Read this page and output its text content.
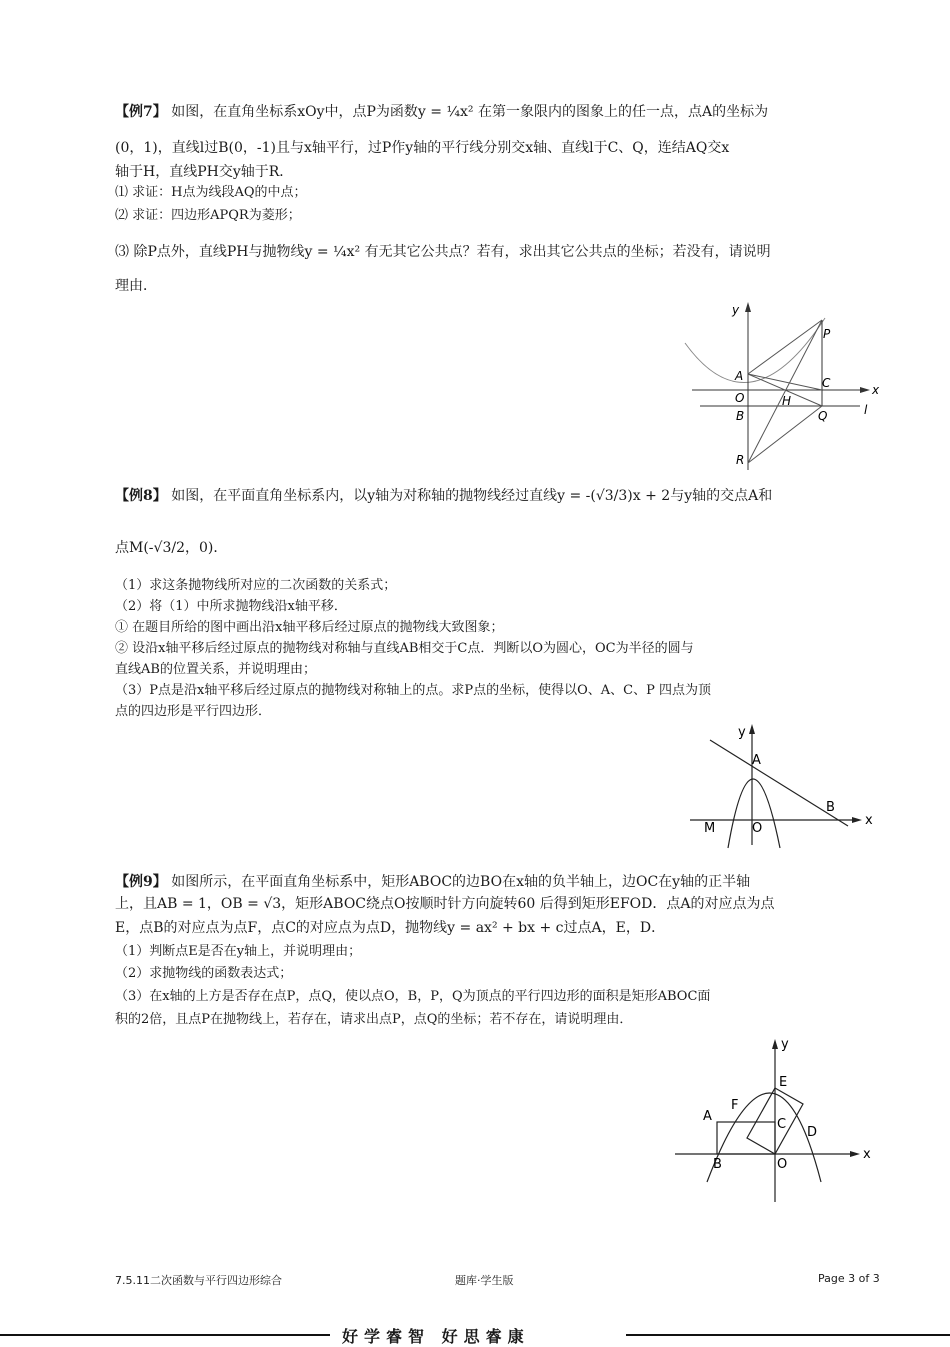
【例7】 如图，在直角坐标系xOy中，点P为函数y = ¼x² 在第一象限内的图象上的任一点，点A的坐标为
(0，1)，直线l过B(0，-1)且与x轴平行，过P作y轴的平行线分别交x轴、直线l于C、Q，连结AQ交x
轴于H，直线PH交y轴于R．
⑴ 求证：H点为线段AQ的中点；
⑵ 求证：四边形APQR为菱形；
⑶ 除P点外，直线PH与抛物线y = ¼x² 有无其它公共点？若有，求出其它公共点的坐标；若没有，请说明
理由．
y
x
P
A	C
O	H
l
B	Q
R
【例8】 如图，在平面直角坐标系内，以y轴为对称轴的抛物线经过直线y = -(√3/3)x + 2与y轴的交点A和
点M(-√3/2，0)．
（1）求这条抛物线所对应的二次函数的关系式；
（2）将（1）中所求抛物线沿x轴平移．
① 在题目所给的图中画出沿x轴平移后经过原点的抛物线大致图象；
② 设沿x轴平移后经过原点的抛物线对称轴与直线AB相交于C点．判断以O为圆心，OC为半径的圆与
直线AB的位置关系，并说明理由；
（3）P点是沿x轴平移后经过原点的抛物线对称轴上的点。求P点的坐标，使得以O、A、C、P 四点为顶
点的四边形是平行四边形．
y
x
A
B
M	O
【例9】 如图所示，在平面直角坐标系中，矩形ABOC的边BO在x轴的负半轴上，边OC在y轴的正半轴
上，且AB = 1，OB = √3，矩形ABOC绕点O按顺时针方向旋转60 后得到矩形EFOD．点A的对应点为点
E，点B的对应点为点F，点C的对应点为点D，抛物线y = ax² + bx + c过点A，E，D．
（1）判断点E是否在y轴上，并说明理由；
（2）求抛物线的函数表达式；
（3）在x轴的上方是否存在点P，点Q，使以点O，B，P，Q为顶点的平行四边形的面积是矩形ABOC面
积的2倍，且点P在抛物线上，若存在，请求出点P，点Q的坐标；若不存在，请说明理由．
y
x
E
F
A
C
D
B	O
7.5.11二次函数与平行四边形综合	题库·学生版	Page 3 of 3
好学睿智 好思睿康
